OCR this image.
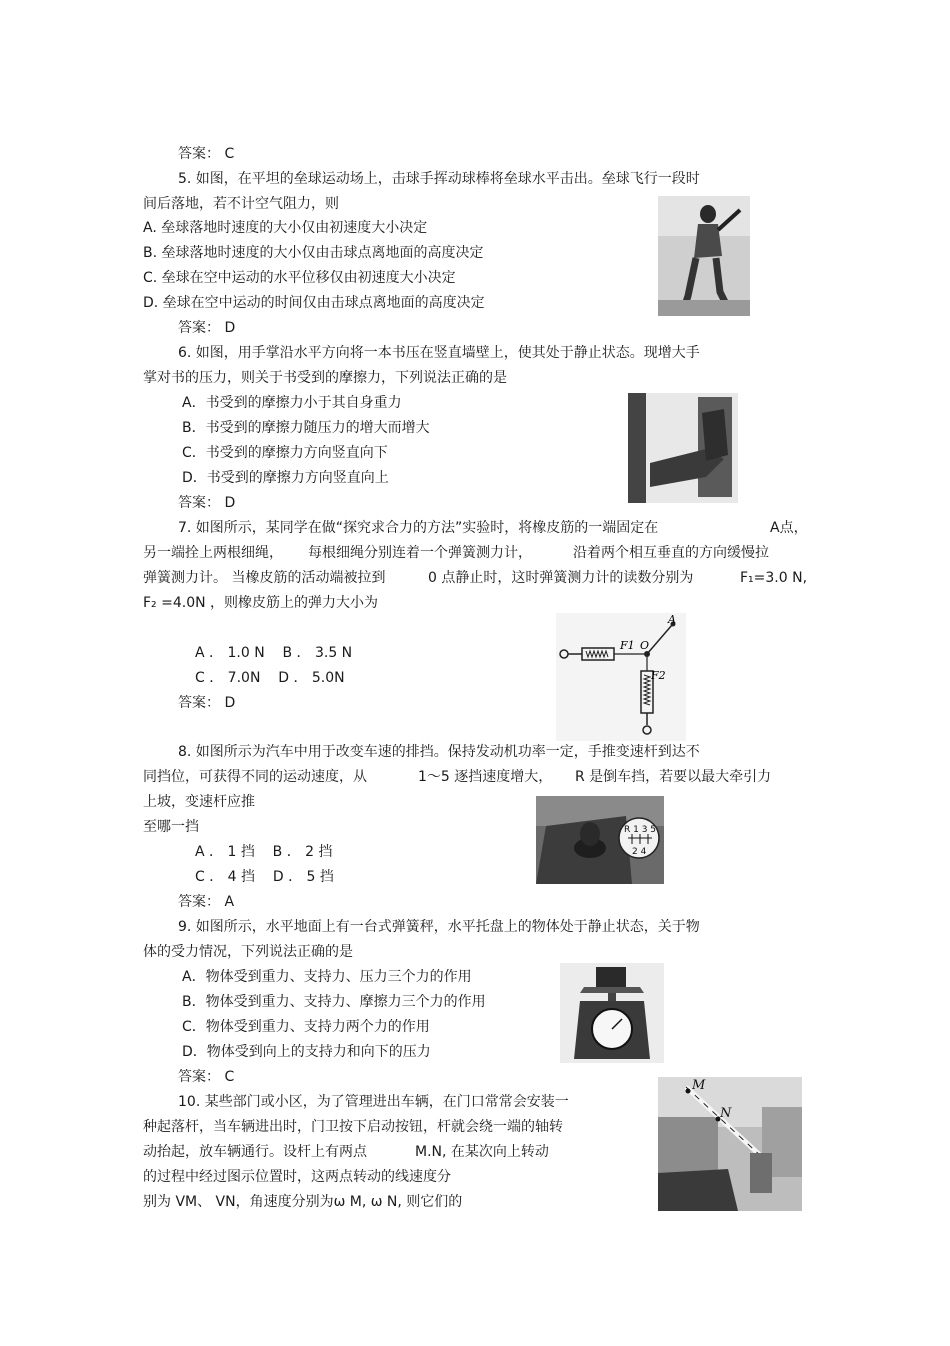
答案： C
5. 如图，在平坦的垒球运动场上，击球手挥动球棒将垒球水平击出。垒球飞行一段时
间后落地，若不计空气阻力，则
A. 垒球落地时速度的大小仅由初速度大小决定
B. 垒球落地时速度的大小仅由击球点离地面的高度决定
C. 垒球在空中运动的水平位移仅由初速度大小决定
D. 垒球在空中运动的时间仅由击球点离地面的高度决定
答案： D
6. 如图，用手掌沿水平方向将一本书压在竖直墙壁上，使其处于静止状态。现增大手
掌对书的压力，则关于书受到的摩擦力，下列说法正确的是
A．书受到的摩擦力小于其自身重力
B．书受到的摩擦力随压力的增大而增大
C．书受到的摩擦力方向竖直向下
D．书受到的摩擦力方向竖直向上
答案： D
7. 如图所示，某同学在做“探究求合力的方法”实验时，将橡皮筋的一端固定在	A点，
另一端拴上两根细绳， 每根细绳分别连着一个弹簧测力计，	沿着两个相互垂直的方向缓慢拉
弹簧测力计。 当橡皮筋的活动端被拉到	0 点静止时，这时弹簧测力计的读数分别为	F₁=3.0 N,
F₂ =4.0N ，则橡皮筋上的弹力大小为
A ． 1.0 N    B ． 3.5 N
C ． 7.0N    D ． 5.0N
答案： D
8. 如图所示为汽车中用于改变车速的排挡。保持发动机功率一定，手推变速杆到达不
同挡位，可获得不同的运动速度，从	1～5 逐挡速度增大， R 是倒车挡，若要以最大牵引力
上坡，变速杆应推
至哪一挡
A ． 1 挡    B ． 2 挡
C ． 4 挡    D ． 5 挡
答案： A
9. 如图所示，水平地面上有一台式弹簧秤，水平托盘上的物体处于静止状态，关于物
体的受力情况，下列说法正确的是
A．物体受到重力、支持力、压力三个力的作用
B．物体受到重力、支持力、摩擦力三个力的作用
C．物体受到重力、支持力两个力的作用
D．物体受到向上的支持力和向下的压力
答案： C
10. 某些部门或小区，为了管理进出车辆，在门口常常会安装一
种起落杆，当车辆进出时，门卫按下启动按钮，杆就会绕一端的轴转
动抬起，放车辆通行。设杆上有两点	M.N, 在某次向上转动
的过程中经过图示位置时，这两点转动的线速度分
别为 VM、 VN，角速度分别为ω M, ω N, 则它们的
F1 O
A
F2
R 1 3 5
2 4
M
N
